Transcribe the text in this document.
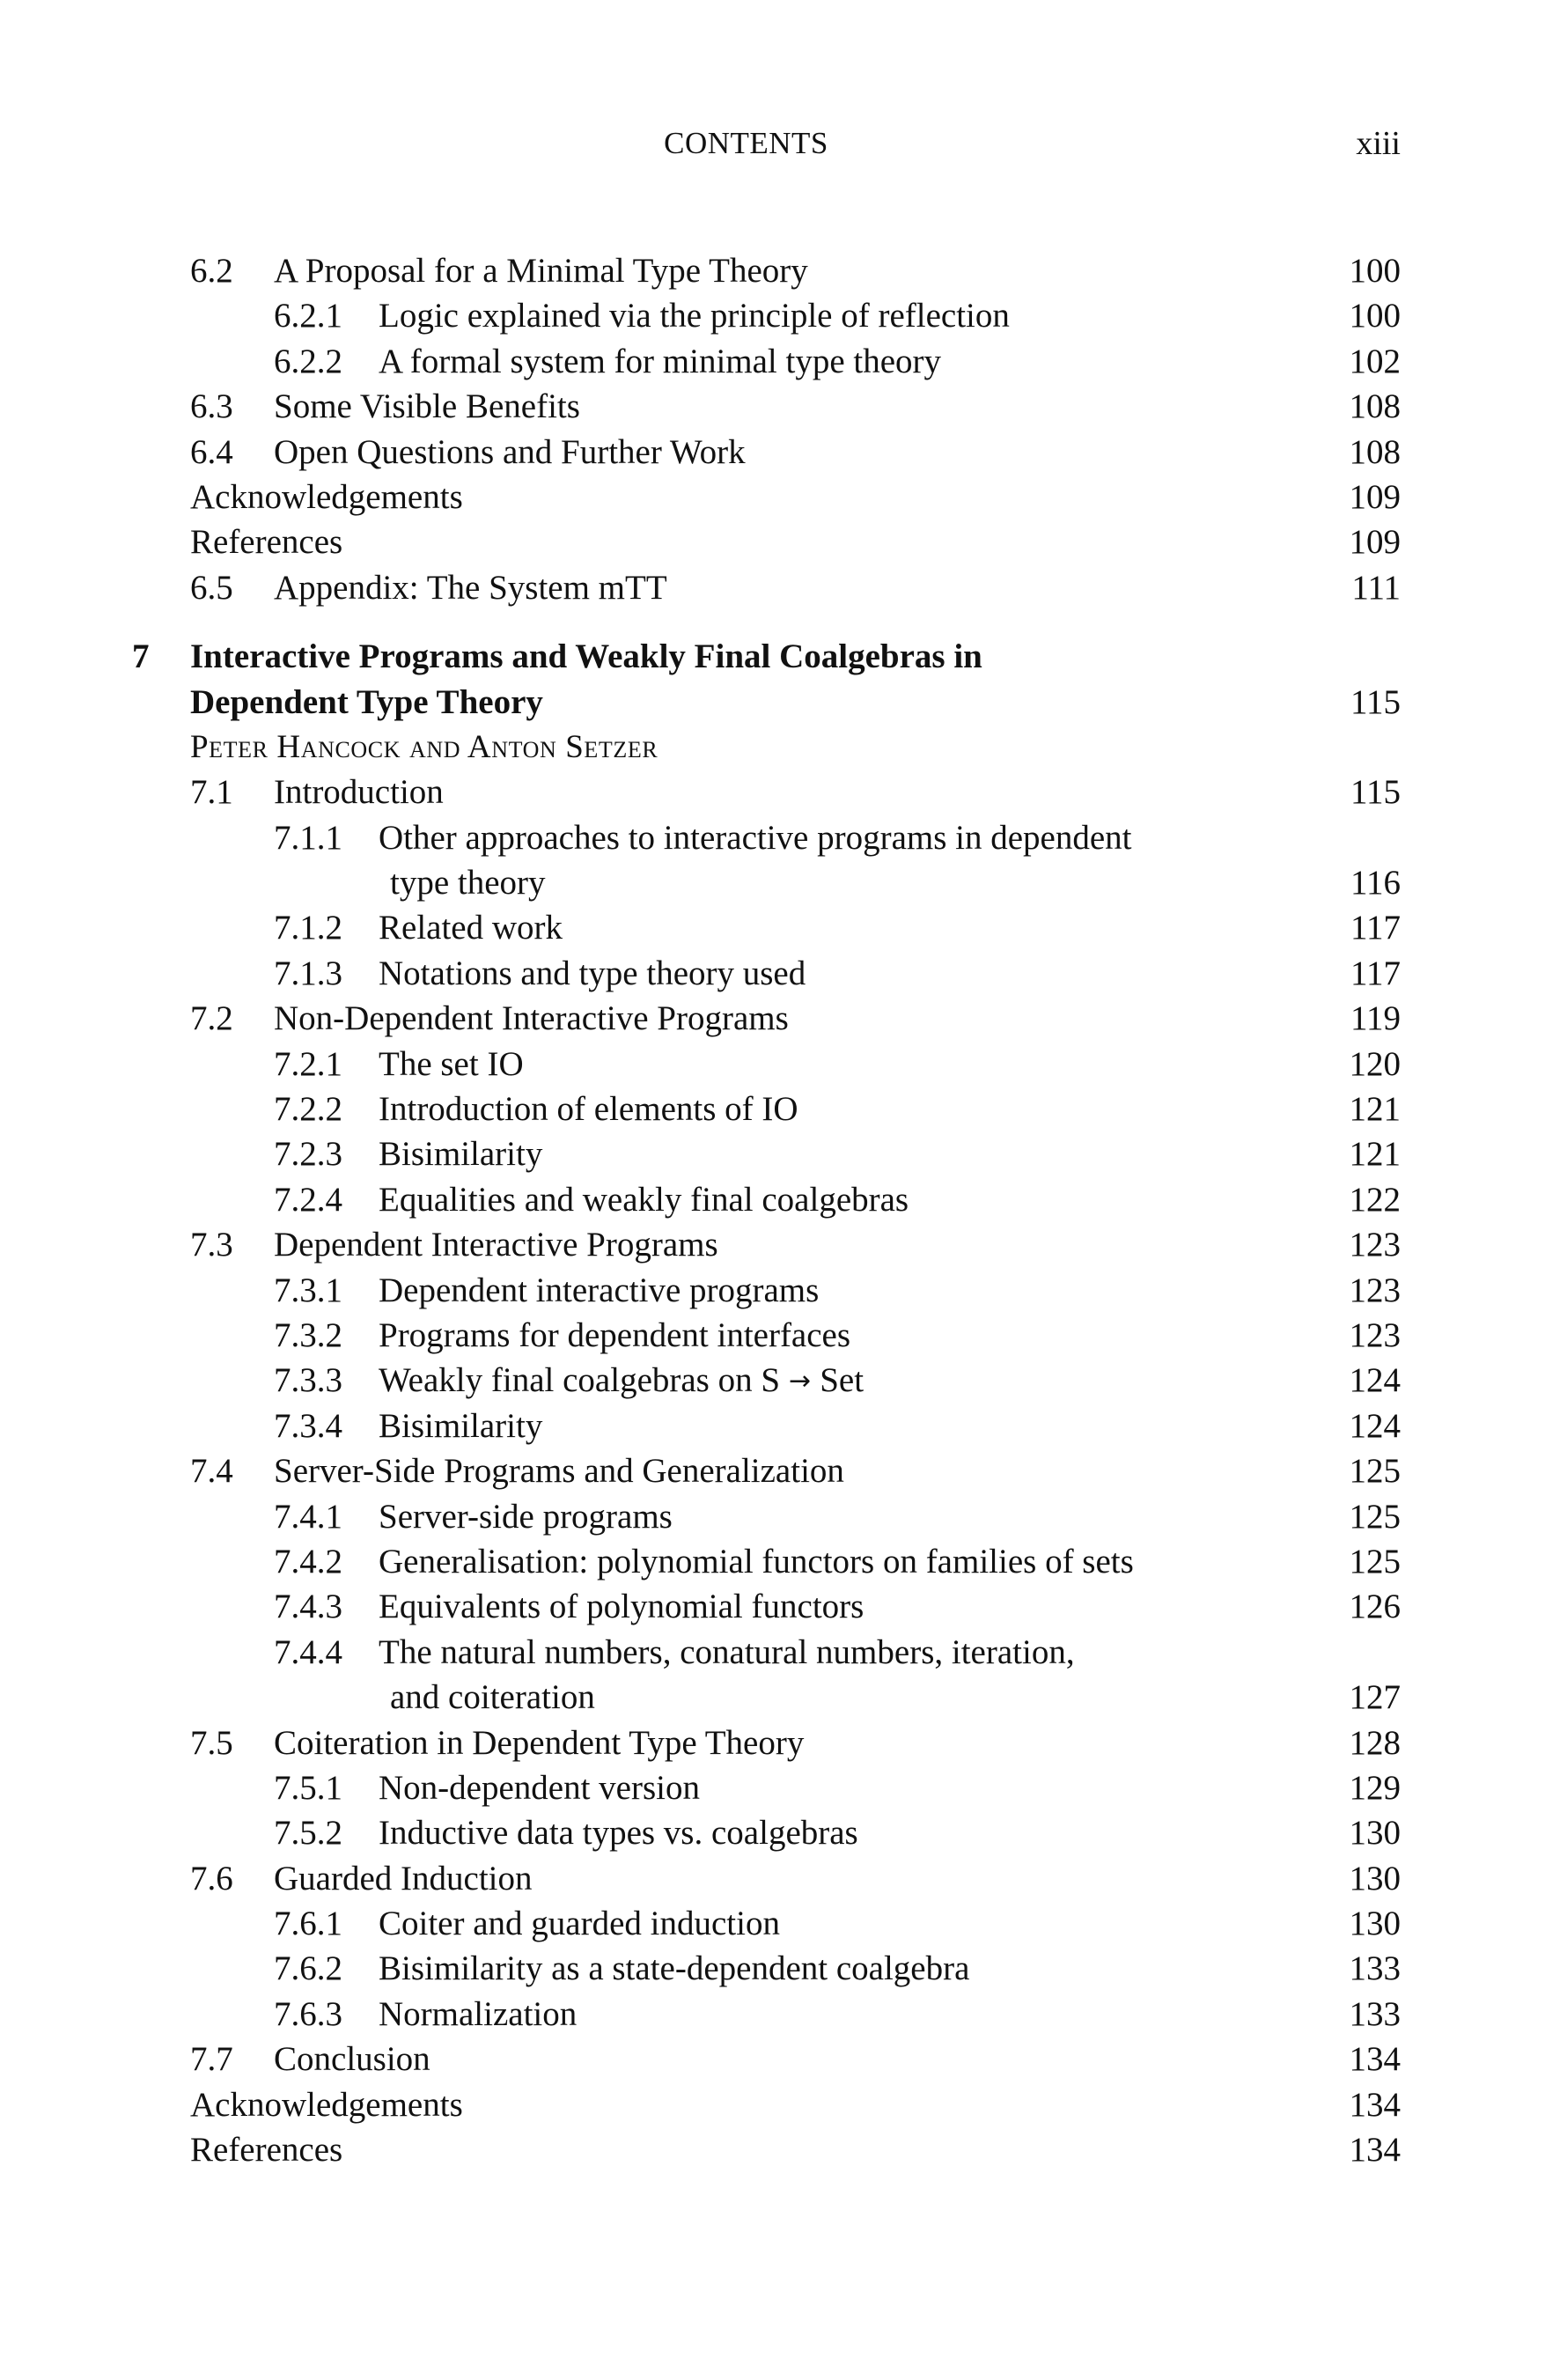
CONTENTS	xiii
6.2 A Proposal for a Minimal Type Theory	100
6.2.1 Logic explained via the principle of reflection	100
6.2.2 A formal system for minimal type theory	102
6.3 Some Visible Benefits	108
6.4 Open Questions and Further Work	108
Acknowledgements	109
References	109
6.5 Appendix: The System mTT	111
7 Interactive Programs and Weakly Final Coalgebras in
Dependent Type Theory	115
Peter Hancock and Anton Setzer
7.1 Introduction	115
7.1.1 Other approaches to interactive programs in dependent
type theory	116
7.1.2 Related work	117
7.1.3 Notations and type theory used	117
7.2 Non-Dependent Interactive Programs	119
7.2.1 The set IO	120
7.2.2 Introduction of elements of IO	121
7.2.3 Bisimilarity	121
7.2.4 Equalities and weakly final coalgebras	122
7.3 Dependent Interactive Programs	123
7.3.1 Dependent interactive programs	123
7.3.2 Programs for dependent interfaces	123
7.3.3 Weakly final coalgebras on S → Set	124
7.3.4 Bisimilarity	124
7.4 Server-Side Programs and Generalization	125
7.4.1 Server-side programs	125
7.4.2 Generalisation: polynomial functors on families of sets	125
7.4.3 Equivalents of polynomial functors	126
7.4.4 The natural numbers, conatural numbers, iteration,
and coiteration	127
7.5 Coiteration in Dependent Type Theory	128
7.5.1 Non-dependent version	129
7.5.2 Inductive data types vs. coalgebras	130
7.6 Guarded Induction	130
7.6.1 Coiter and guarded induction	130
7.6.2 Bisimilarity as a state-dependent coalgebra	133
7.6.3 Normalization	133
7.7 Conclusion	134
Acknowledgements	134
References	134
